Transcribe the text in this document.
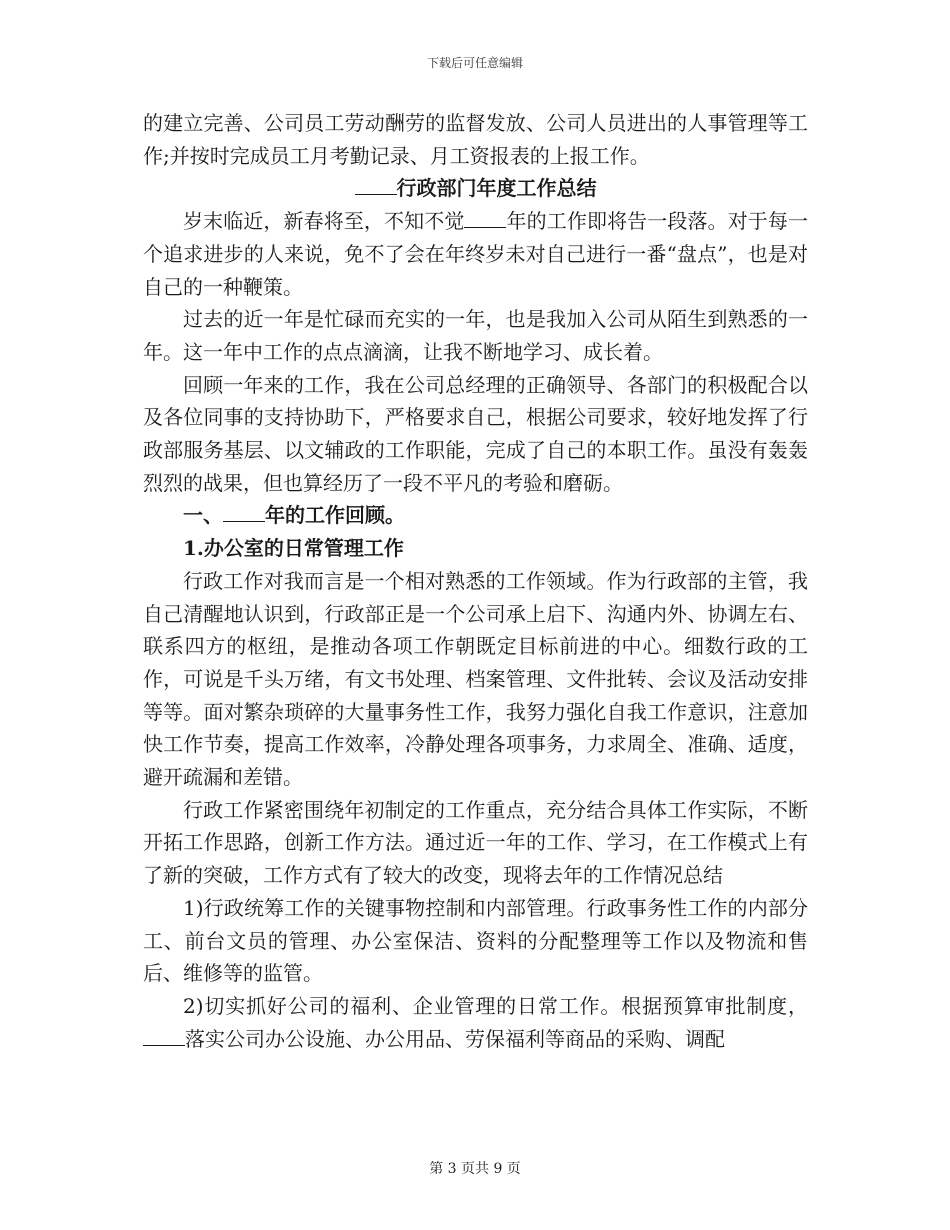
下载后可任意编辑

的建立完善、公司员工劳动酬劳的监督发放、公司人员进出的人事管理等工作;并按时完成员工月考勤记录、月工资报表的上报工作。

行政部门年度工作总结

岁末临近，新春将至，不知不觉 年的工作即将告一段落。对于每一个追求进步的人来说，免不了会在年终岁未对自己进行一番“盘点”，也是对自己的一种鞭策。

过去的近一年是忙碌而充实的一年，也是我加入公司从陌生到熟悉的一年。这一年中工作的点点滴滴，让我不断地学习、成长着。

回顾一年来的工作，我在公司总经理的正确领导、各部门的积极配合以及各位同事的支持协助下，严格要求自己，根据公司要求，较好地发挥了行政部服务基层、以文辅政的工作职能，完成了自己的本职工作。虽没有轰轰烈烈的战果，但也算经历了一段不平凡的考验和磨砺。

一、 年的工作回顾。

1.办公室的日常管理工作

行政工作对我而言是一个相对熟悉的工作领域。作为行政部的主管，我自己清醒地认识到，行政部正是一个公司承上启下、沟通内外、协调左右、联系四方的枢纽，是推动各项工作朝既定目标前进的中心。细数行政的工作，可说是千头万绪，有文书处理、档案管理、文件批转、会议及活动安排等等。面对繁杂琐碎的大量事务性工作，我努力强化自我工作意识，注意加快工作节奏，提高工作效率，冷静处理各项事务，力求周全、准确、适度，避开疏漏和差错。

行政工作紧密围绕年初制定的工作重点，充分结合具体工作实际，不断开拓工作思路，创新工作方法。通过近一年的工作、学习，在工作模式上有了新的突破，工作方式有了较大的改变，现将去年的工作情况总结

1)行政统筹工作的关键事物控制和内部管理。行政事务性工作的内部分工、前台文员的管理、办公室保洁、资料的分配整理等工作以及物流和售后、维修等的监管。

2)切实抓好公司的福利、企业管理的日常工作。根据预算审批制度，落实公司办公设施、办公用品、劳保福利等商品的采购、调配

第 3 页共 9 页
